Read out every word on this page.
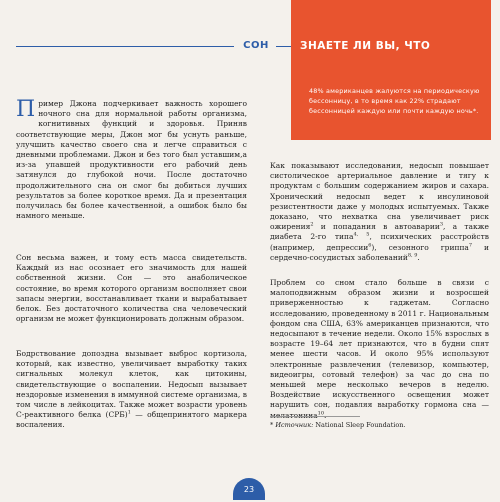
СОН	ЗНАЕТЕ ЛИ ВЫ, ЧТО

48% американцев жалуются на периодическую бессонницу, в то время как 22% страдают бессонницей каждую или почти каждую ночь*.

Пример Джона подчеркивает важность хорошего ночного сна для нормальной работы организма, когнитивных функций и здоровья. Приняв соответствующие меры, Джон мог бы уснуть раньше, улучшить качество своего сна и легче справиться с дневными проблемами. Джон и без того был уставшим,а из-за упавшей продуктивности его рабочий день затянулся до глубокой ночи. После достаточно продолжительного сна он смог бы добиться лучших результатов за более короткое время. Да и презентация получилась бы более качественной, а ошибок было бы намного меньше.

Сон весьма важен, и тому есть масса свидетельств. Каждый из нас осознает его значимость для нашей собственной жизни. Сон — это анаболическое состояние, во время которого организм восполняет свои запасы энергии, восстанавливает ткани и вырабатывает белок. Без достаточного количества сна человеческий организм не может функционировать должным образом.

Бодрствование допоздна вызывает выброс кортизола, который, как известно, увеличивает выработку таких сигнальных молекул клеток, как цитокины, свидетельствующие о воспалении. Недосып вызывает нездоровые изменения в иммунной системе организма, в том числе в лейкоцитах. Также может возрасти уровень С-реактивного белка (СРБ)$^1$ — общепринятого маркера воспаления.

Как показывают исследования, недосып повышает систолическое артериальное давление и тягу к продуктам с большим содержанием жиров и сахара. Хронический недосып ведет к инсулиновой резистентности даже у молодых испытуемых. Также доказано, что нехватка сна увеличивает риск ожирения$^2$ и попадания в автоаварии$^3$, а также диабета 2-го типа$^{4, 5}$, психических расстройств (например, депрессии$^6$), сезонного гриппа$^7$ и сердечно-сосудистых заболеваний$^{8, 9}$.

Проблем со сном стало больше в связи с малоподвижным образом жизни и возросшей приверженностью к гаджетам. Согласно исследованию, проведенному в 2011 г. Национальным фондом сна США, 63% американцев признаются, что недосыпают в течение недели. Около 15% взрослых в возрасте 19–64 лет признаются, что в будни спят менее шести часов. И около 95% используют электронные развлечения (телевизор, компьютер, видеоигры, сотовый телефон) за час до сна по меньшей мере несколько вечеров в неделю. Воздействие искусственного освещения может нарушить сон, подавляя выработку гормона сна — $^{10}$

* Источник: National Sleep Foundation.

23
